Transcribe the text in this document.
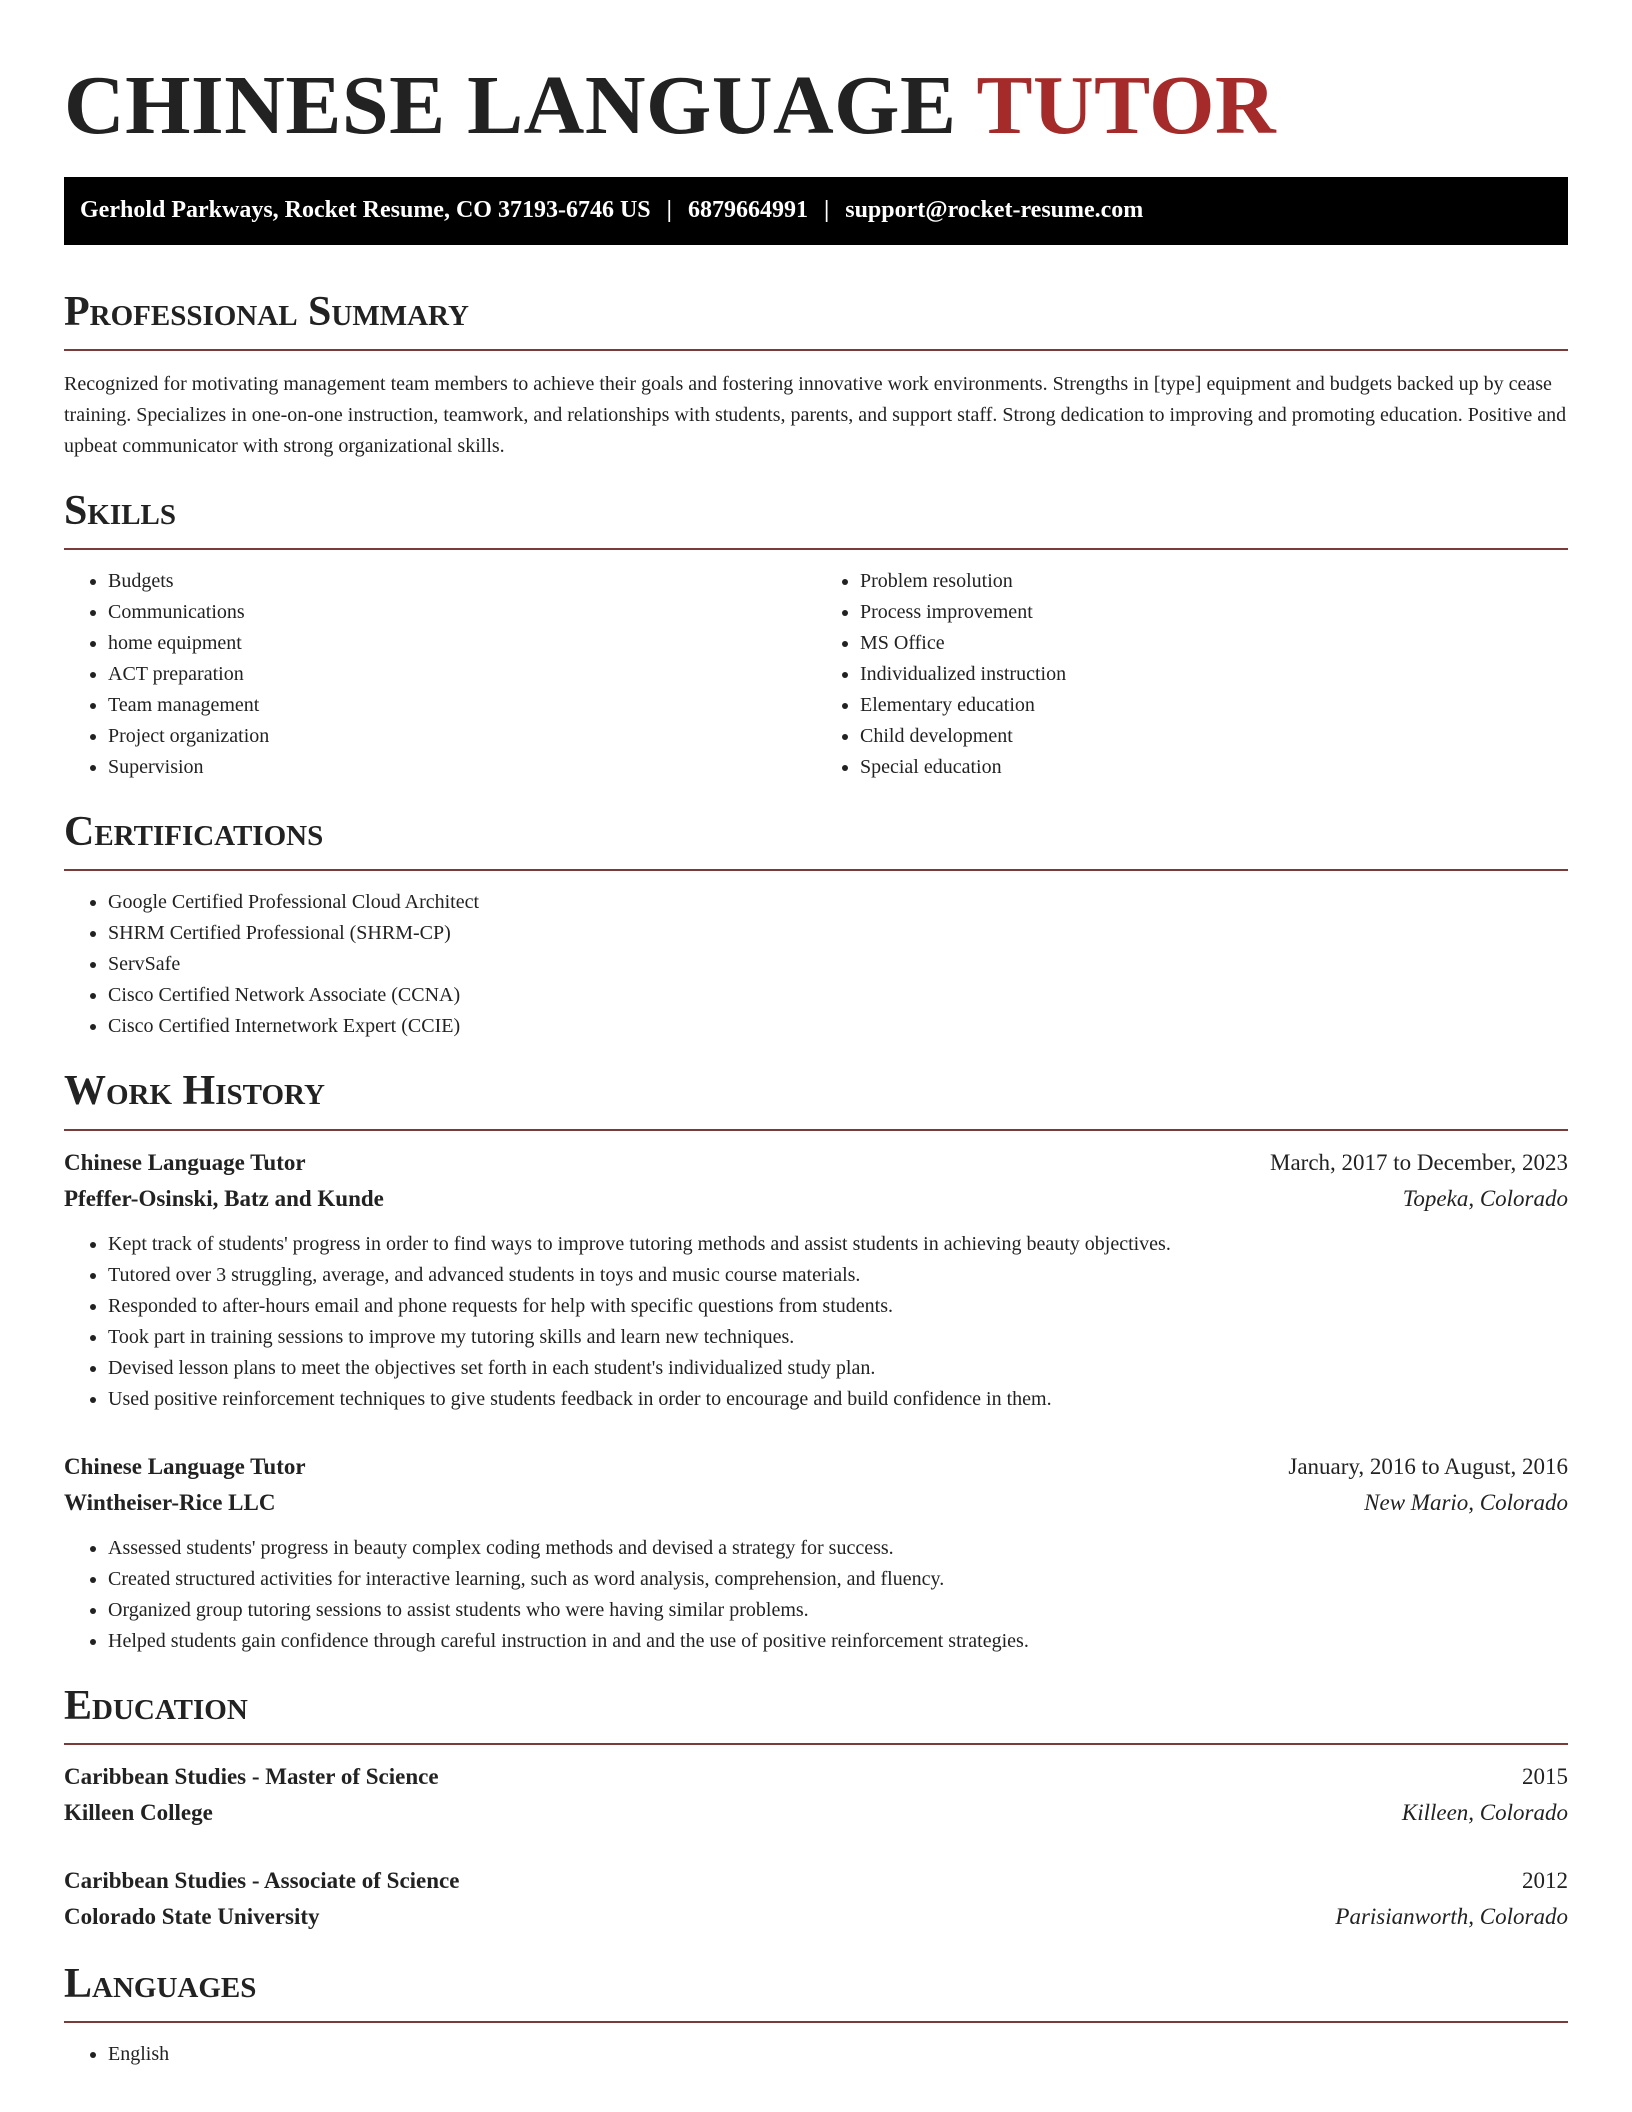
CHINESE LANGUAGE TUTOR
Gerhold Parkways, Rocket Resume, CO 37193-6746 US | 6879664991 | support@rocket-resume.com
Professional Summary

Recognized for motivating management team members to achieve their goals and fostering innovative work environments. Strengths in [type] equipment and budgets backed up by cease training. Specializes in one-on-one instruction, teamwork, and relationships with students, parents, and support staff. Strong dedication to improving and promoting education. Positive and upbeat communicator with strong organizational skills.

Skills
• Budgets
• Communications
• home equipment
• ACT preparation
• Team management
• Project organization
• Supervision
• Problem resolution
• Process improvement
• MS Office
• Individualized instruction
• Elementary education
• Child development
• Special education
Certifications
• Google Certified Professional Cloud Architect
• SHRM Certified Professional (SHRM-CP)
• ServSafe
• Cisco Certified Network Associate (CCNA)
• Cisco Certified Internetwork Expert (CCIE)
Work History
Chinese Language Tutor	March, 2017 to December, 2023
Pfeffer-Osinski, Batz and Kunde	Topeka, Colorado
• Kept track of students' progress in order to find ways to improve tutoring methods and assist students in achieving beauty objectives.
• Tutored over 3 struggling, average, and advanced students in toys and music course materials.
• Responded to after-hours email and phone requests for help with specific questions from students.
• Took part in training sessions to improve my tutoring skills and learn new techniques.
• Devised lesson plans to meet the objectives set forth in each student's individualized study plan.
• Used positive reinforcement techniques to give students feedback in order to encourage and build confidence in them.
Chinese Language Tutor	January, 2016 to August, 2016
Wintheiser-Rice LLC	New Mario, Colorado
• Assessed students' progress in beauty complex coding methods and devised a strategy for success.
• Created structured activities for interactive learning, such as word analysis, comprehension, and fluency.
• Organized group tutoring sessions to assist students who were having similar problems.
• Helped students gain confidence through careful instruction in and and the use of positive reinforcement strategies.
Education
Caribbean Studies - Master of Science	2015
Killeen College	Killeen, Colorado
Caribbean Studies - Associate of Science	2012
Colorado State University	Parisianworth, Colorado
Languages
• English
